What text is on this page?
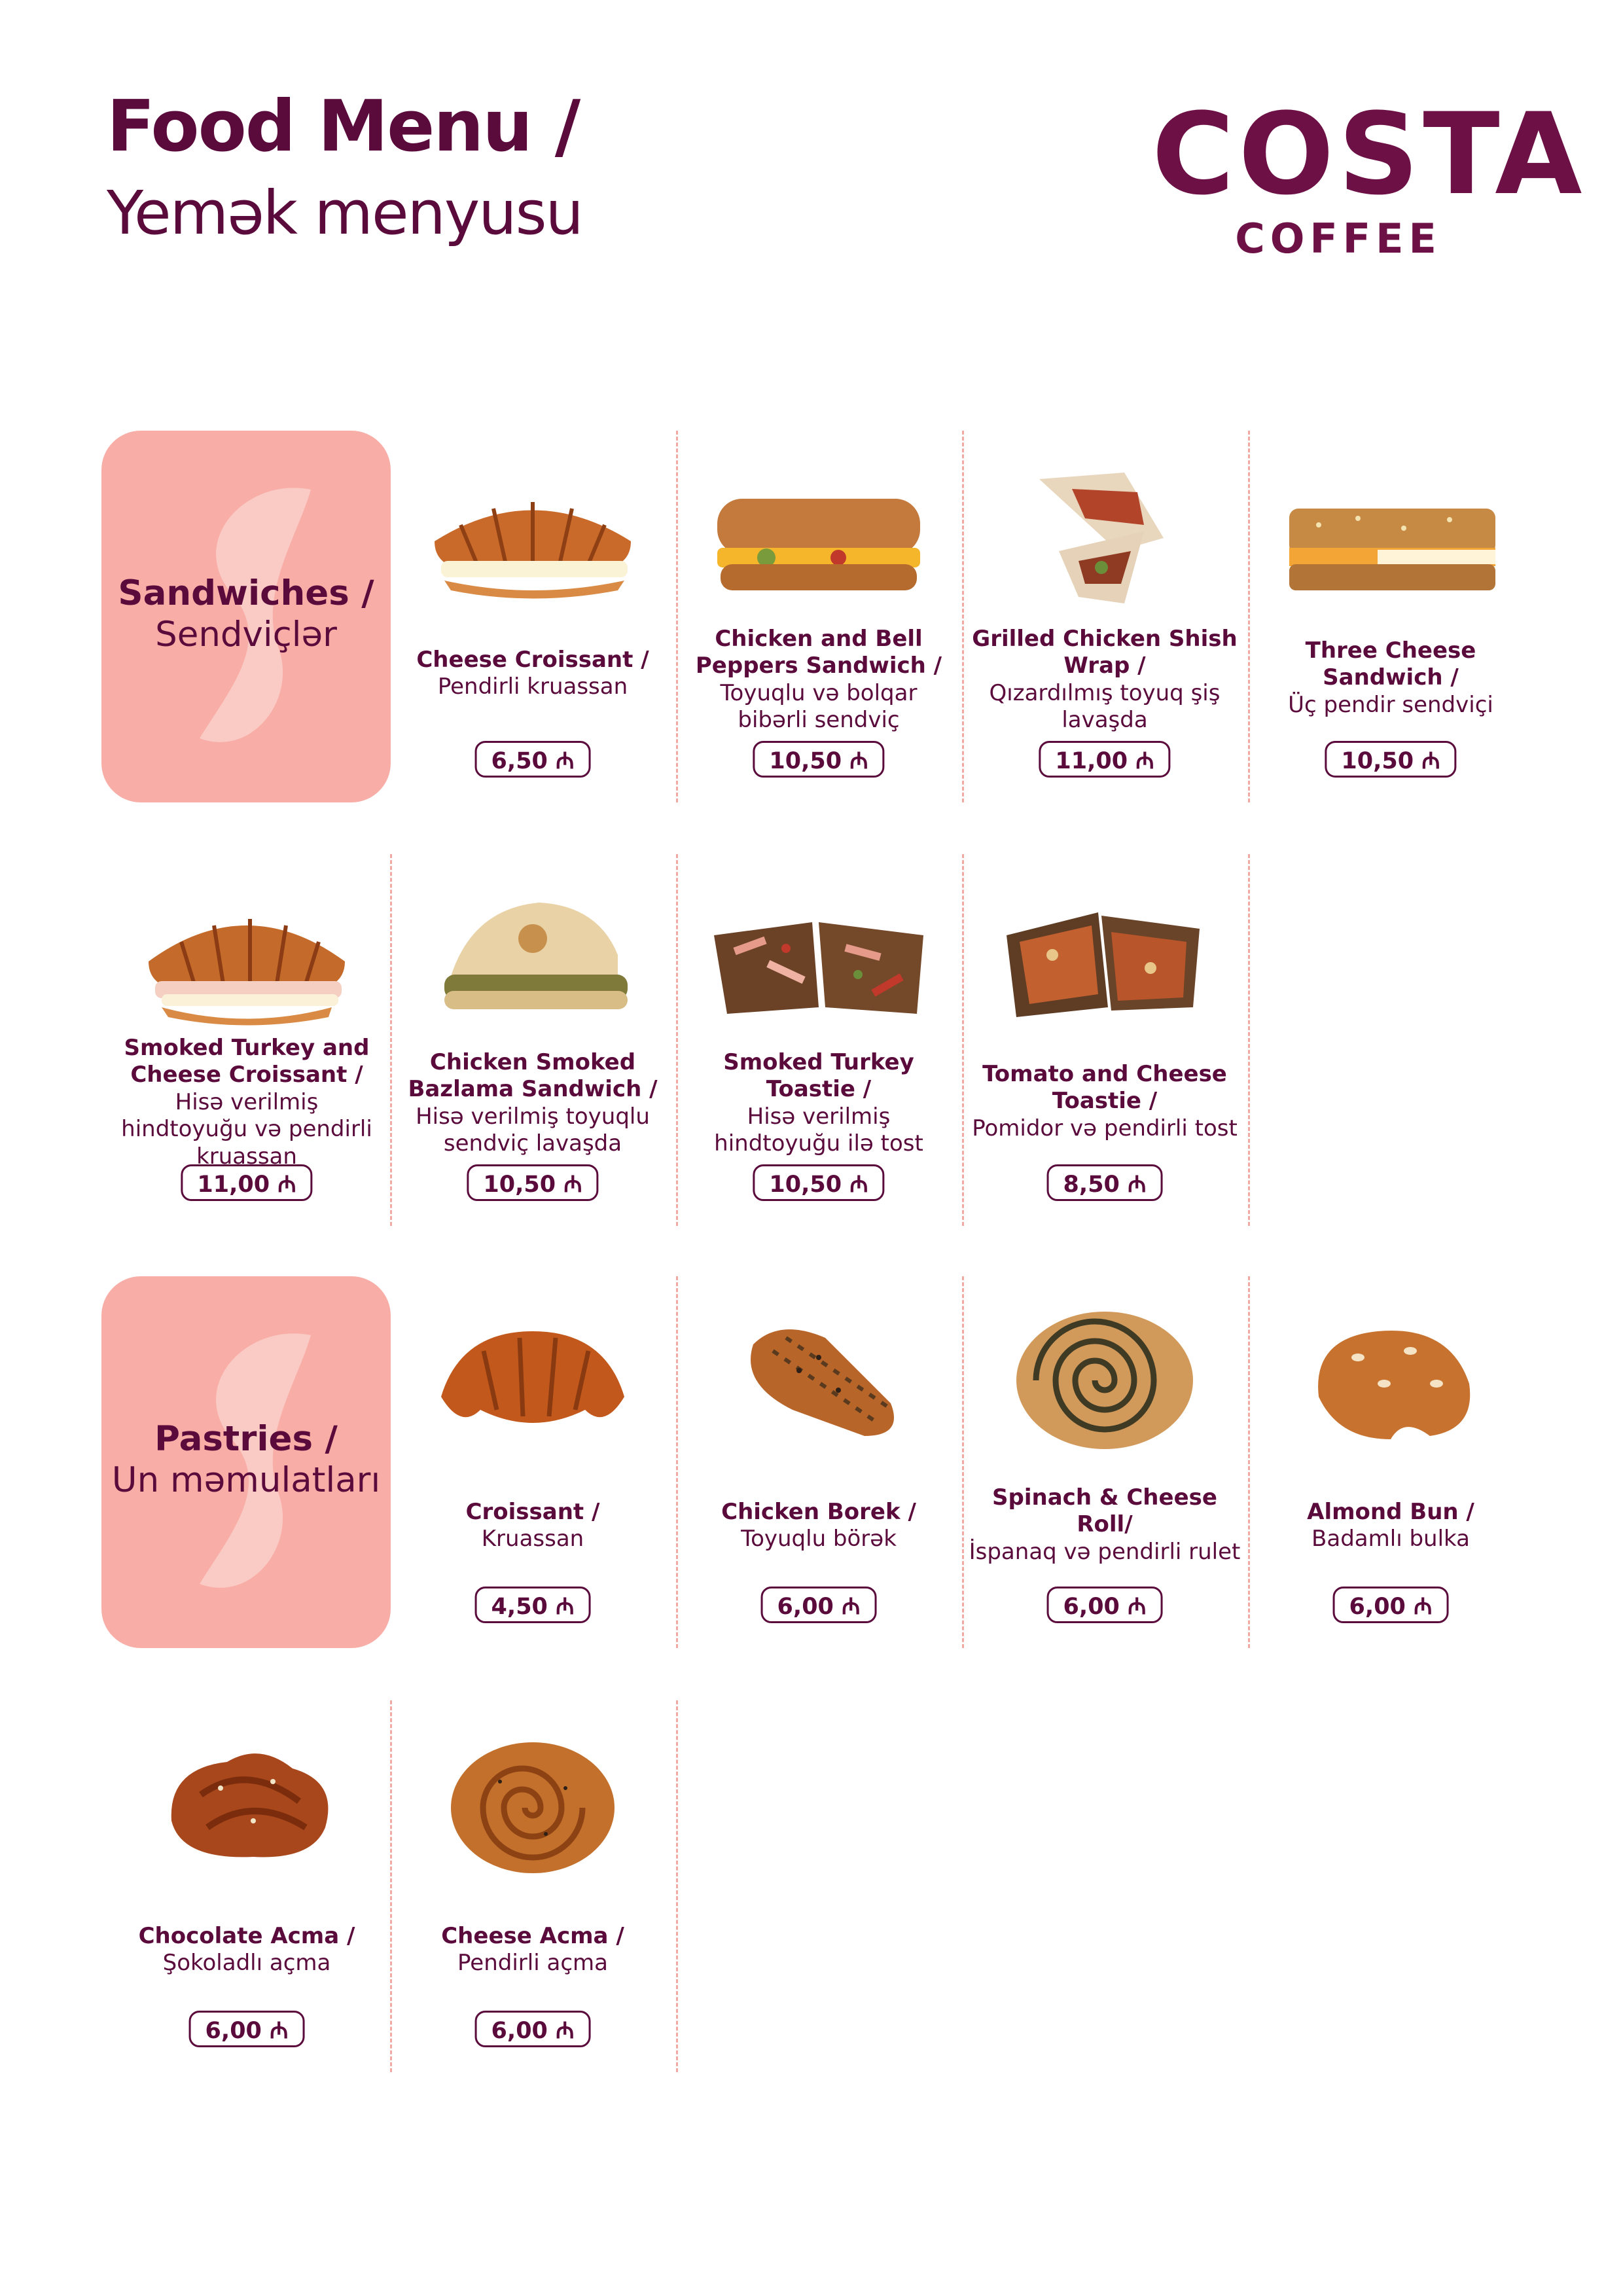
Food Menu /
Yemək menyusu	COSTA
COFFEE
Sandwiches /
Sendviçlər
Pastries /
Un məmulatları
Cheese Croissant /
Pendirli kruassan
6,50 ₼
Chicken and Bell Peppers Sandwich /
Toyuqlu və bolqar bibərli sendviç
10,50 ₼
Grilled Chicken Shish Wrap /
Qızardılmış toyuq şiş lavaşda
11,00 ₼
Three Cheese Sandwich /
Üç pendir sendviçi
10,50 ₼
Smoked Turkey and Cheese Croissant /
Hisə verilmiş hindtoyuğu və pendirli kruassan
11,00 ₼
Chicken Smoked Bazlama Sandwich /
Hisə verilmiş toyuqlu sendviç lavaşda
10,50 ₼
Smoked Turkey Toastie /
Hisə verilmiş hindtoyuğu ilə tost
10,50 ₼
Tomato and Cheese Toastie /
Pomidor və pendirli tost
8,50 ₼
Croissant /
Kruassan
4,50 ₼
Chicken Borek /
Toyuqlu börək
6,00 ₼
Spinach & Cheese Roll/
İspanaq və pendirli rulet
6,00 ₼
Almond Bun /
Badamlı bulka
6,00 ₼
Chocolate Acma /
Şokoladlı açma
6,00 ₼
Cheese Acma /
Pendirli açma
6,00 ₼
